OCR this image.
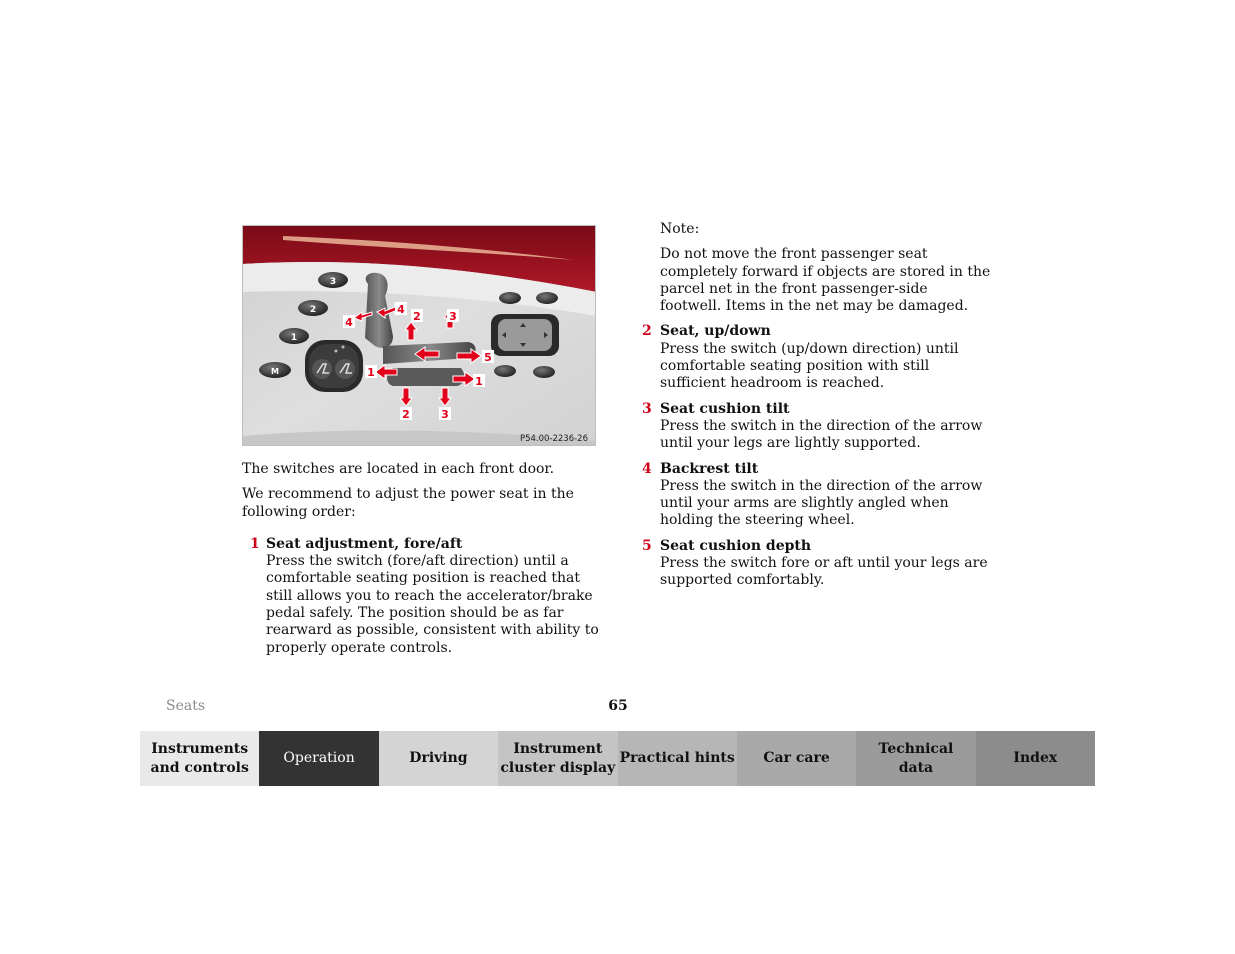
3
2
1
M
4
4
2	3
5
1
1
2	3
P54.00-2236-26

The switches are located in each front door.

We recommend to adjust the power seat in the following order:

1 Seat adjustment, fore/aft
Press the switch (fore/aft direction) until a comfortable seating position is reached that still allows you to reach the accelerator/brake pedal safely. The position should be as far rearward as possible, consistent with ability to properly operate controls.

Note:

Do not move the front passenger seat completely forward if objects are stored in the parcel net in the front passenger-side footwell. Items in the net may be damaged.

2 Seat, up/down
Press the switch (up/down direction) until comfortable seating position with still sufficient headroom is reached.
3 Seat cushion tilt
Press the switch in the direction of the arrow until your legs are lightly supported.
4 Backrest tilt
Press the switch in the direction of the arrow until your arms are slightly angled when holding the steering wheel.
5 Seat cushion depth
Press the switch fore or aft until your legs are supported comfortably.
Seats	65
Instruments
and controls
Operation	Driving
Instrument
cluster display
Practical hints	Car care
Technical
data
Index
